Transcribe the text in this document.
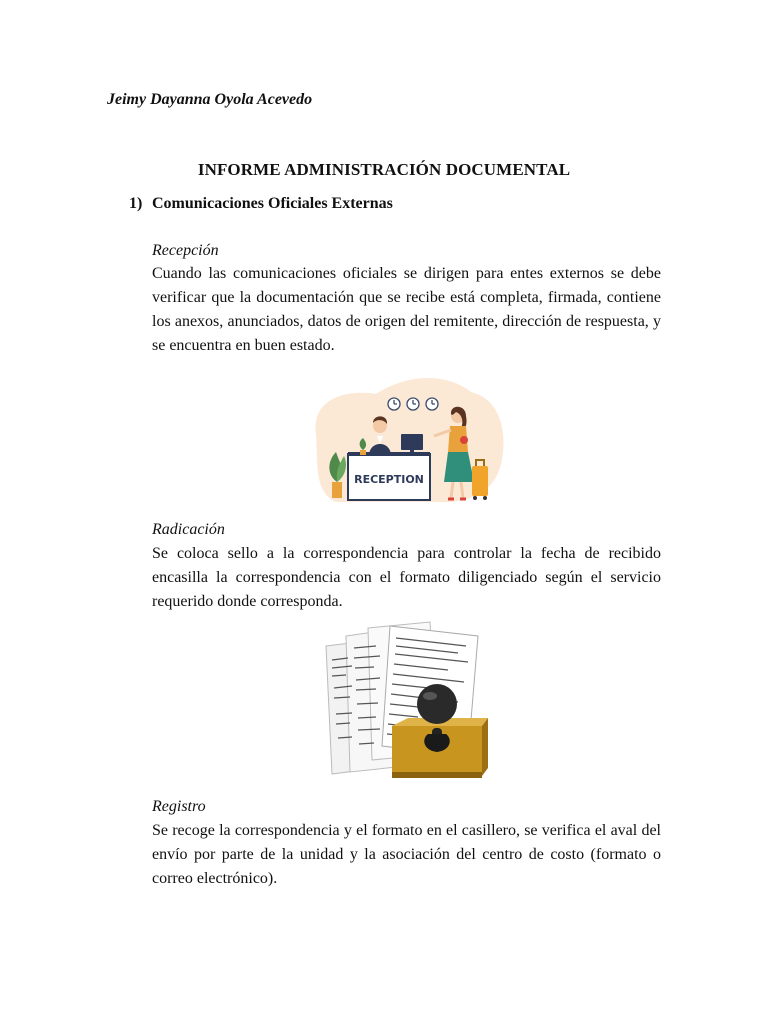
Jeimy Dayanna Oyola Acevedo
INFORME ADMINISTRACIÓN DOCUMENTAL
1) Comunicaciones Oficiales Externas
Recepción
Cuando las comunicaciones oficiales se dirigen para entes externos se debe verificar que la documentación que se recibe está completa, firmada, contiene los anexos, anunciados, datos de origen del remitente, dirección de respuesta, y se encuentra en buen estado.
RECEPTION
Radicación
Se coloca sello a la correspondencia para controlar la fecha de recibido encasilla la correspondencia con el formato diligenciado según el servicio requerido donde corresponda.
Registro
Se recoge la correspondencia y el formato en el casillero, se verifica el aval del envío por parte de la unidad y la asociación del centro de costo (formato o correo electrónico).
